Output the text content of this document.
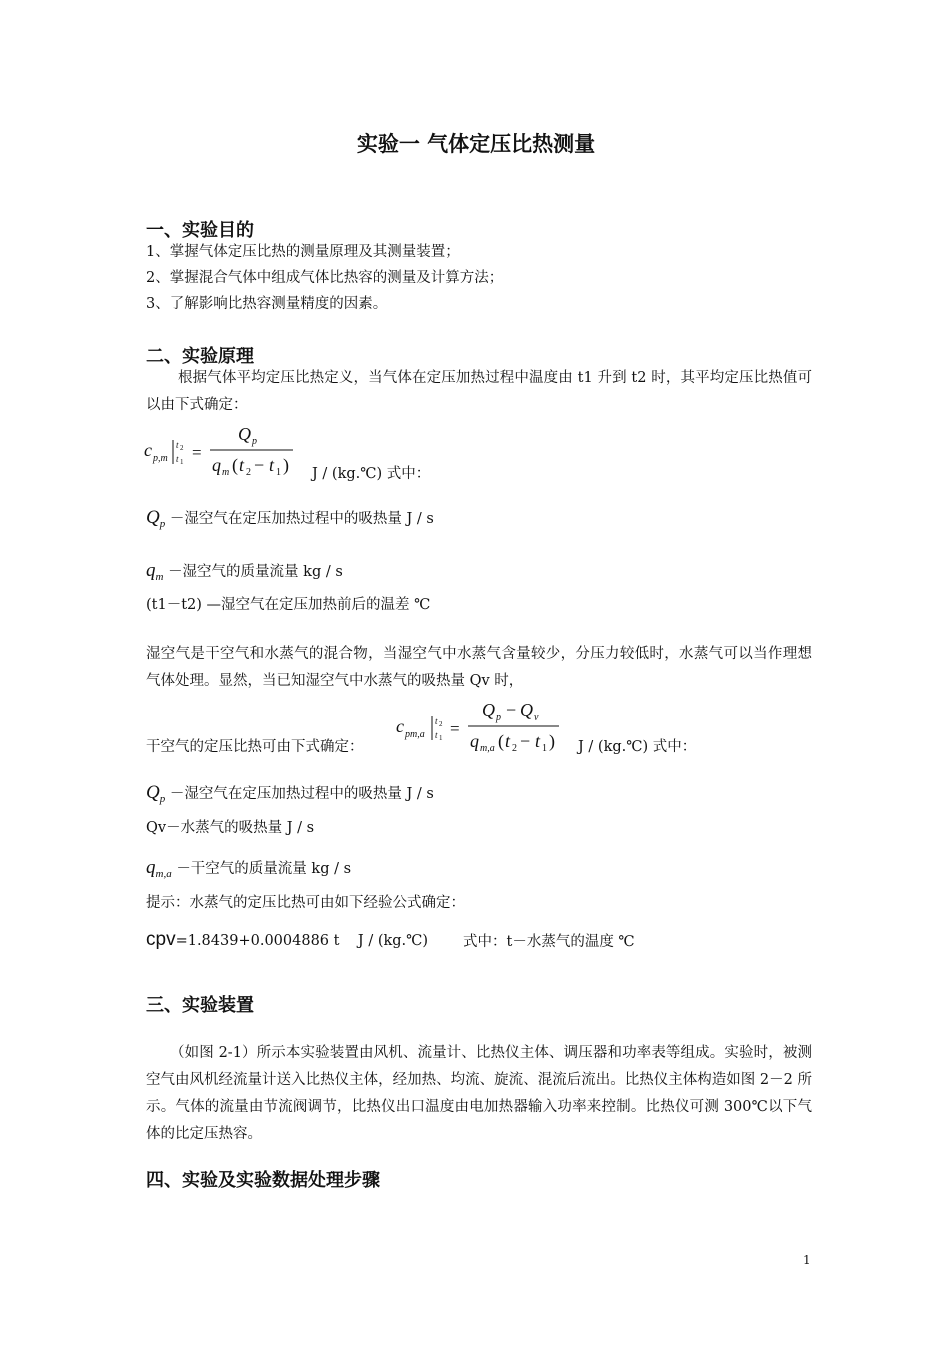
实验一 气体定压比热测量
一、实验目的
1、掌握气体定压比热的测量原理及其测量装置；
2、掌握混合气体中组成气体比热容的测量及计算方法；
3、了解影响比热容测量精度的因素。
二、实验原理
根据气体平均定压比热定义，当气体在定压加热过程中温度由 t1 升到 t2 时，其平均定压比热值可以由下式确定：
c p,m
t 2
t 1 =
Q p
q m ( t 2 − t 1 ) J / (kg.℃) 式中：
$Q_p$ －湿空气在定压加热过程中的吸热量 J / s
$q_m$ －湿空气的质量流量 kg / s
(t1－t2) —湿空气在定压加热前后的温差 ℃
湿空气是干空气和水蒸气的混合物，当湿空气中水蒸气含量较少，分压力较低时，水蒸气可以当作理想气体处理。显然，当已知湿空气中水蒸气的吸热量 Qv 时，
干空气的定压比热可由下式确定：
c pm,a
t 2
t 1 =
Q p − Q v
q m,a ( t 2 − t 1 ) J / (kg.℃) 式中：
$Q_p$ －湿空气在定压加热过程中的吸热量 J / s
Qv－水蒸气的吸热量 J / s
$q_{m,a}$ －干空气的质量流量 kg / s
提示：水蒸气的定压比热可由如下经验公式确定：
cpv=1.8439+0.0004886 t    J / (kg.℃) 式中：t－水蒸气的温度 ℃
三、实验装置
（如图 2-1）所示本实验装置由风机、流量计、比热仪主体、调压器和功率表等组成。实验时，被测空气由风机经流量计送入比热仪主体，经加热、均流、旋流、混流后流出。比热仪主体构造如图 2－2 所示。气体的流量由节流阀调节，比热仪出口温度由电加热器输入功率来控制。比热仪可测 300℃以下气体的比定压热容。
四、实验及实验数据处理步骤
1
